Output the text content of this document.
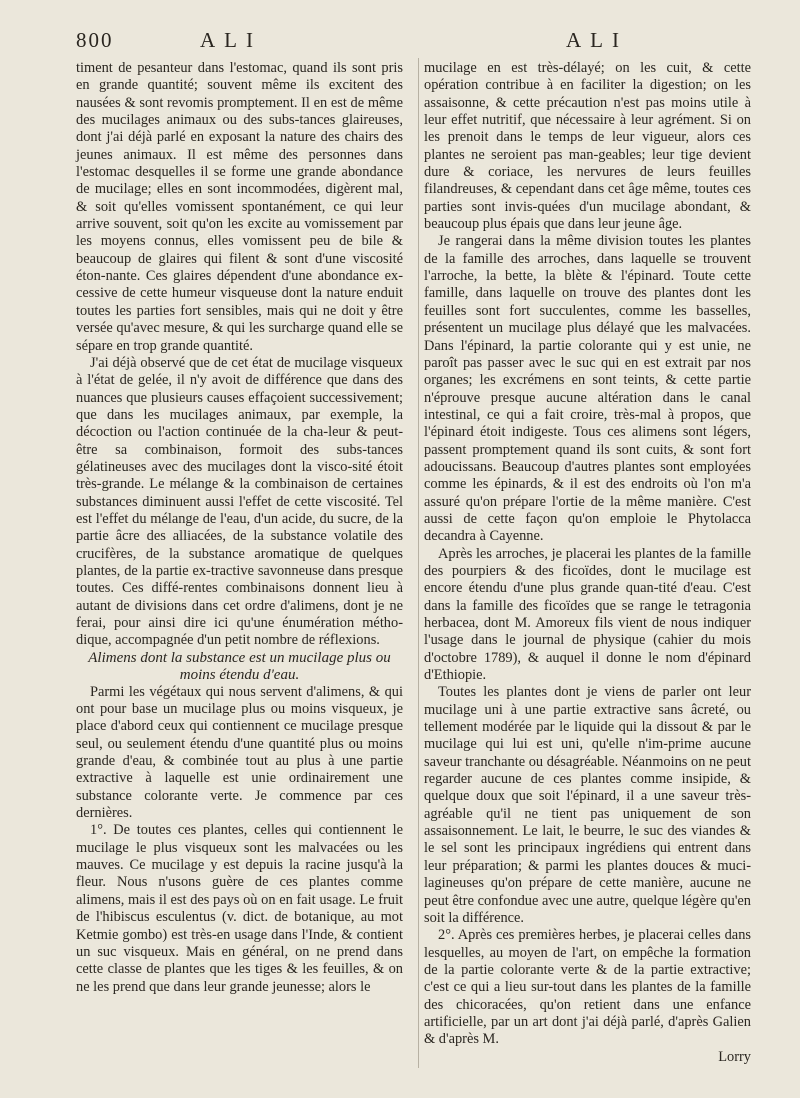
800	ALI	ALI

timent de pesanteur dans l'estomac, quand ils sont pris en grande quantité; souvent même ils excitent des nausées & sont revomis promptement. Il en est de même des mucilages animaux ou des subs-tances glaireuses, dont j'ai déjà parlé en exposant la nature des chairs des jeunes animaux. Il est même des personnes dans l'estomac desquelles il se forme une grande abondance de mucilage; elles en sont incommodées, digèrent mal, & soit qu'elles vomissent spontanément, ce qui leur arrive souvent, soit qu'on les excite au vomissement par les moyens connus, elles vomissent peu de bile & beaucoup de glaires qui filent & sont d'une viscosité éton-nante. Ces glaires dépendent d'une abondance ex-cessive de cette humeur visqueuse dont la nature enduit toutes les parties fort sensibles, mais qui ne doit y être versée qu'avec mesure, & qui les surcharge quand elle se sépare en trop grande quantité.

J'ai déjà observé que de cet état de mucilage visqueux à l'état de gelée, il n'y avoit de différence que dans des nuances que plusieurs causes effaçoient successivement; que dans les mucilages animaux, par exemple, la décoction ou l'action continuée de la cha-leur & peut-être sa combinaison, formoit des subs-tances gélatineuses avec des mucilages dont la visco-sité étoit très-grande. Le mélange & la combinaison de certaines substances diminuent aussi l'effet de cette viscosité. Tel est l'effet du mélange de l'eau, d'un acide, du sucre, de la partie âcre des alliacées, de la substance volatile des crucifères, de la substance aromatique de quelques plantes, de la partie ex-tractive savonneuse dans presque toutes. Ces diffé-rentes combinaisons donnent lieu à autant de divisions dans cet ordre d'alimens, dont je ne ferai, pour ainsi dire ici qu'une énumération métho-dique, accompagnée d'un petit nombre de réflexions.

Alimens dont la substance est un mucilage plus ou moins étendu d'eau.

Parmi les végétaux qui nous servent d'alimens, & qui ont pour base un mucilage plus ou moins visqueux, je place d'abord ceux qui contiennent ce mucilage presque seul, ou seulement étendu d'une quantité plus ou moins grande d'eau, & combinée tout au plus à une partie extractive à laquelle est unie ordinairement une substance colorante verte. Je commence par ces dernières.

1°. De toutes ces plantes, celles qui contiennent le mucilage le plus visqueux sont les malvacées ou les mauves. Ce mucilage y est depuis la racine jusqu'à la fleur. Nous n'usons guère de ces plantes comme alimens, mais il est des pays où on en fait usage. Le fruit de l'hibiscus esculentus (v. dict. de botanique, au mot Ketmie gombo) est très-en usage dans l'Inde, & contient un suc visqueux. Mais en général, on ne prend dans cette classe de plantes que les tiges & les feuilles, & on ne les prend que dans leur grande jeunesse; alors le

mucilage en est très-délayé; on les cuit, & cette opération contribue à en faciliter la digestion; on les assaisonne, & cette précaution n'est pas moins utile à leur effet nutritif, que nécessaire à leur agrément. Si on les prenoit dans le temps de leur vigueur, alors ces plantes ne seroient pas man-geables; leur tige devient dure & coriace, les nervures de leurs feuilles filandreuses, & cependant dans cet âge même, toutes ces parties sont invis-quées d'un mucilage abondant, & beaucoup plus épais que dans leur jeune âge.

Je rangerai dans la même division toutes les plantes de la famille des arroches, dans laquelle se trouvent l'arroche, la bette, la blète & l'épinard. Toute cette famille, dans laquelle on trouve des plantes dont les feuilles sont fort succulentes, comme les basselles, présentent un mucilage plus délayé que les malvacées. Dans l'épinard, la partie colorante qui y est unie, ne paroît pas passer avec le suc qui en est extrait par nos organes; les excrémens en sont teints, & cette partie n'éprouve presque aucune altération dans le canal intestinal, ce qui a fait croire, très-mal à propos, que l'épinard étoit indigeste. Tous ces alimens sont légers, passent promptement quand ils sont cuits, & sont fort adoucissans. Beaucoup d'autres plantes sont employées comme les épinards, & il est des endroits où l'on m'a assuré qu'on prépare l'ortie de la même manière. C'est aussi de cette façon qu'on emploie le Phytolacca decandra à Cayenne.

Après les arroches, je placerai les plantes de la famille des pourpiers & des ficoïdes, dont le mucilage est encore étendu d'une plus grande quan-tité d'eau. C'est dans la famille des ficoïdes que se range le tetragonia herbacea, dont M. Amoreux fils vient de nous indiquer l'usage dans le journal de physique (cahier du mois d'octobre 1789), & auquel il donne le nom d'épinard d'Ethiopie.

Toutes les plantes dont je viens de parler ont leur mucilage uni à une partie extractive sans âcreté, ou tellement modérée par le liquide qui la dissout & par le mucilage qui lui est uni, qu'elle n'im-prime aucune saveur tranchante ou désagréable. Néanmoins on ne peut regarder aucune de ces plantes comme insipide, & quelque doux que soit l'épinard, il a une saveur très-agréable qu'il ne tient pas uniquement de son assaisonnement. Le lait, le beurre, le suc des viandes & le sel sont les principaux ingrédiens qui entrent dans leur préparation; & parmi les plantes douces & muci-lagineuses qu'on prépare de cette manière, aucune ne peut être confondue avec une autre, quelque légère qu'en soit la différence.

2°. Après ces premières herbes, je placerai celles dans lesquelles, au moyen de l'art, on empêche la formation de la partie colorante verte & de la partie extractive; c'est ce qui a lieu sur-tout dans les plantes de la famille des chicoracées, qu'on retient dans une enfance artificielle, par un art dont j'ai déjà parlé, d'après Galien & d'après M.

Lorry
